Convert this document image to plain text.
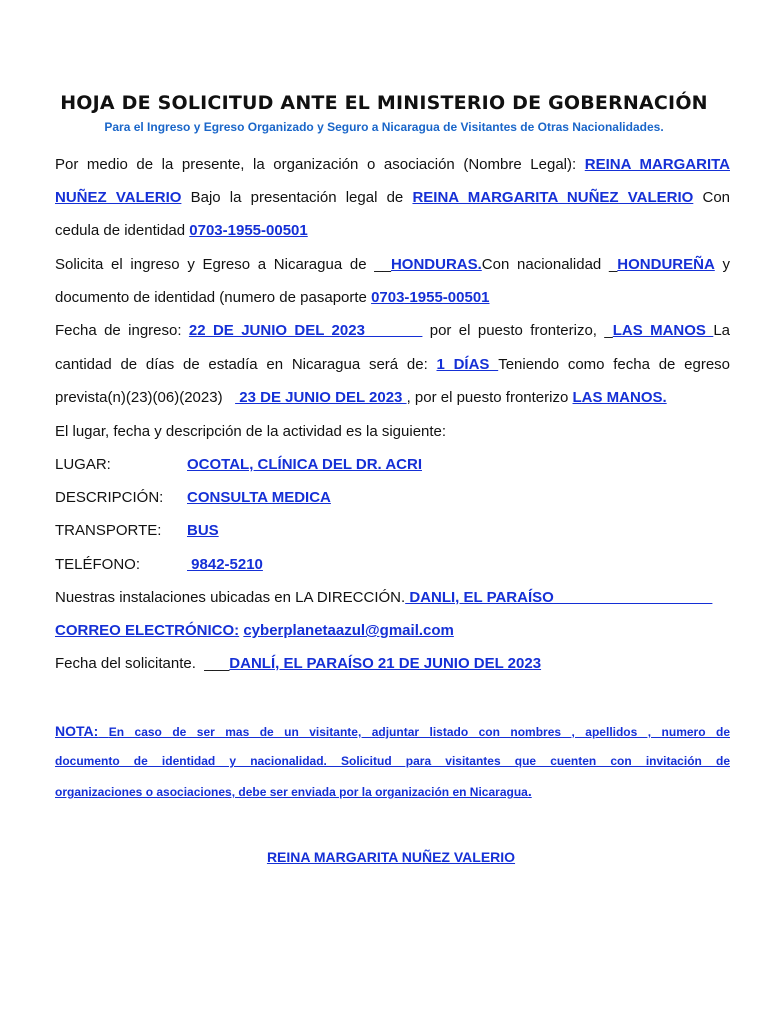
HOJA DE SOLICITUD ANTE EL MINISTERIO DE GOBERNACIÓN
Para el Ingreso y Egreso Organizado y Seguro a Nicaragua de Visitantes de Otras Nacionalidades.
Por medio de la presente, la organización o asociación (Nombre Legal): REINA MARGARITA
NUÑEZ VALERIO Bajo la presentación legal de REINA MARGARITA NUÑEZ VALERIO Con
cedula de identidad 0703-1955-00501
Solicita el ingreso y Egreso a Nicaragua de __HONDURAS.Con nacionalidad _HONDUREÑA y
documento de identidad (numero de pasaporte 0703-1955-00501
Fecha de ingreso: 22 DE JUNIO DEL 2023 ______ por el puesto fronterizo, _LAS MANOS La
cantidad de días de estadía en Nicaragua será de: 1 DÍAS Teniendo como fecha de egreso
prevista(n)(23)(06)(2023)    23 DE JUNIO DEL 2023 , por el puesto fronterizo LAS MANOS.
El lugar, fecha y descripción de la actividad es la siguiente:
LUGAR:	OCOTAL, CLÍNICA DEL DR. ACRI
DESCRIPCIÓN: CONSULTA MEDICA
TRANSPORTE: BUS
TELÉFONO:	9842-5210
Nuestras instalaciones ubicadas en LA DIRECCIÓN. DANLI, EL PARAÍSO___________________
CORREO ELECTRÓNICO: cyberplanetaazul@gmail.com
Fecha del solicitante. ___DANLÍ, EL PARAÍSO 21 DE JUNIO DEL 2023
NOTA: En caso de ser mas de un visitante, adjuntar listado con nombres , apellidos , numero de
documento de identidad y nacionalidad. Solicitud para visitantes que cuenten con invitación de
organizaciones o asociaciones, debe ser enviada por la organización en Nicaragua.
REINA MARGARITA NUÑEZ VALERIO
